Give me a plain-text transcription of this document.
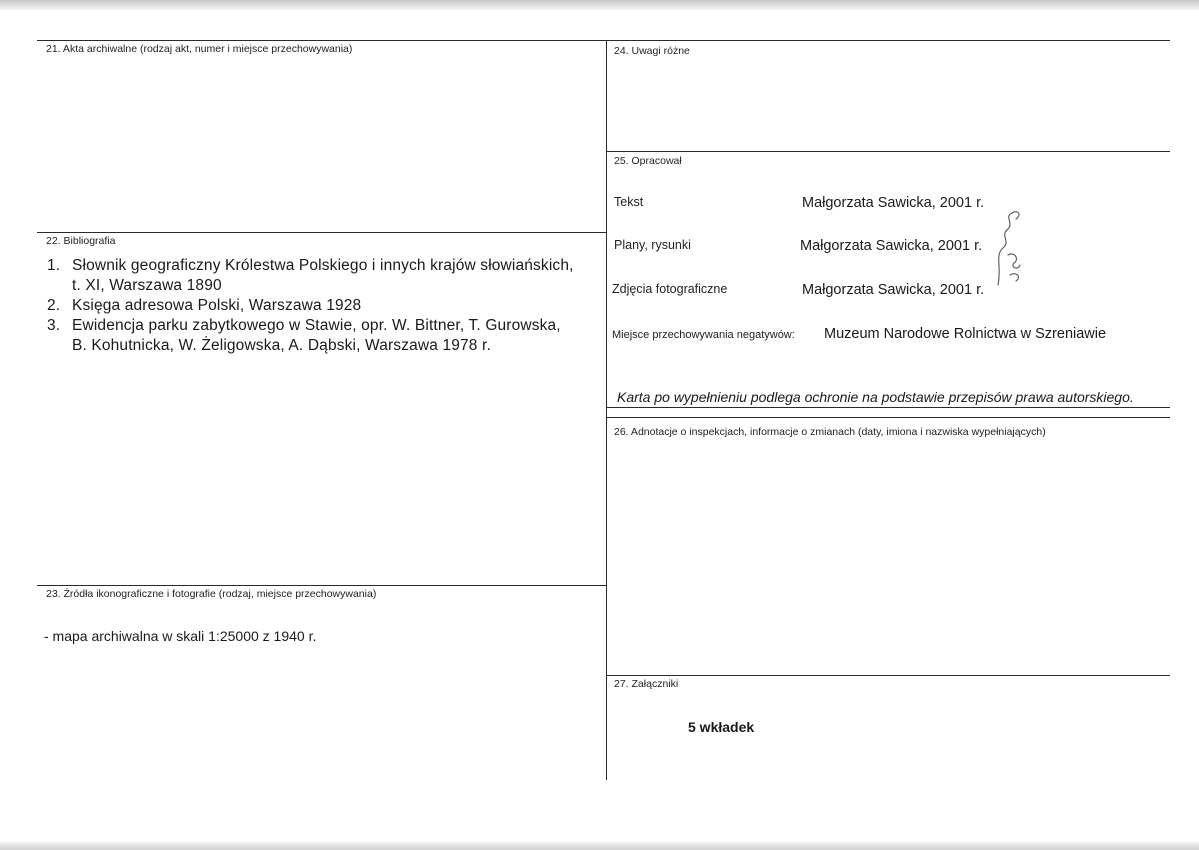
21. Akta archiwalne (rodzaj akt, numer i miejsce przechowywania)
22. Bibliografia
1. Słownik geograficzny Królestwa Polskiego i innych krajów słowiańskich,
t. XI, Warszawa 1890
2. Księga adresowa Polski, Warszawa 1928
3. Ewidencja parku zabytkowego w Stawie, opr. W. Bittner, T. Gurowska,
B. Kohutnicka, W. Żeligowska, A. Dąbski, Warszawa 1978 r.
23. Źródła ikonograficzne i fotografie (rodzaj, miejsce przechowywania)
- mapa archiwalna w skali 1:25000 z 1940 r.
24. Uwagi różne
25. Opracował
Tekst	Małgorzata Sawicka, 2001 r.
Plany, rysunki	Małgorzata Sawicka, 2001 r.
Zdjęcia fotograficzne	Małgorzata Sawicka, 2001 r.
Miejsce przechowywania negatywów: Muzeum Narodowe Rolnictwa w Szreniawie
Karta po wypełnieniu podlega ochronie na podstawie przepisów prawa autorskiego.
26. Adnotacje o inspekcjach, informacje o zmianach (daty, imiona i nazwiska wypełniających)
27. Załączniki
5 wkładek
